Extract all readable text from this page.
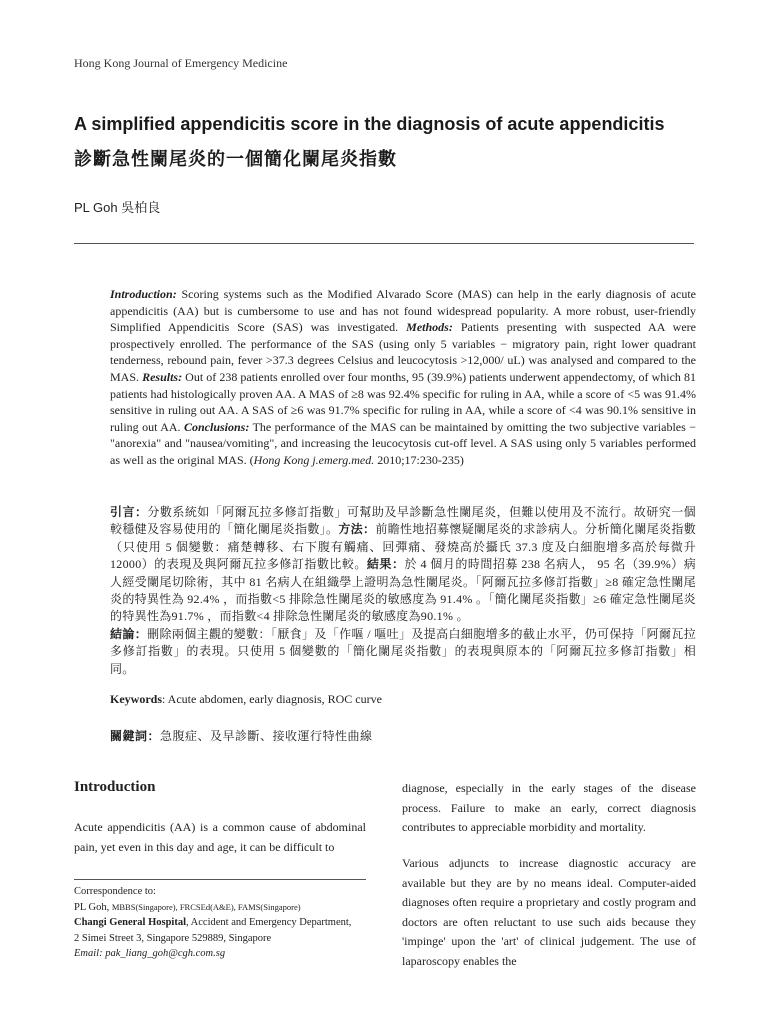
Hong Kong Journal of Emergency Medicine
A simplified appendicitis score in the diagnosis of acute appendicitis
診斷急性闌尾炎的一個簡化闌尾炎指數
PL Goh 吳柏良
Introduction: Scoring systems such as the Modified Alvarado Score (MAS) can help in the early diagnosis of acute appendicitis (AA) but is cumbersome to use and has not found widespread popularity. A more robust, user-friendly Simplified Appendicitis Score (SAS) was investigated. Methods: Patients presenting with suspected AA were prospectively enrolled. The performance of the SAS (using only 5 variables − migratory pain, right lower quadrant tenderness, rebound pain, fever >37.3 degrees Celsius and leucocytosis >12,000/ uL) was analysed and compared to the MAS. Results: Out of 238 patients enrolled over four months, 95 (39.9%) patients underwent appendectomy, of which 81 patients had histologically proven AA. A MAS of ≥8 was 92.4% specific for ruling in AA, while a score of <5 was 91.4% sensitive in ruling out AA. A SAS of ≥6 was 91.7% specific for ruling in AA, while a score of <4 was 90.1% sensitive in ruling out AA. Conclusions: The performance of the MAS can be maintained by omitting the two subjective variables − "anorexia" and "nausea/vomiting", and increasing the leucocytosis cut-off level. A SAS using only 5 variables performed as well as the original MAS. (Hong Kong j.emerg.med. 2010;17:230-235)
引言：分數系統如「阿爾瓦拉多修訂指數」可幫助及早診斷急性闌尾炎，但難以使用及不流行。故研究一個較穩健及容易使用的「簡化闌尾炎指數」。方法：前瞻性地招募懷疑闌尾炎的求診病人。分析簡化闌尾炎指數（只使用 5 個變數：痛楚轉移、右下腹有觸痛、回彈痛、發燒高於攝氏 37.3 度及白細胞增多高於每微升 12000）的表現及與阿爾瓦拉多修訂指數比較。結果：於 4 個月的時間招募 238 名病人， 95 名（39.9%）病人經受闌尾切除術，其中 81 名病人在組織學上證明為急性闌尾炎。「阿爾瓦拉多修訂指數」≥8 確定急性闌尾炎的特異性為 92.4% ，而指數<5 排除急性闌尾炎的敏感度為 91.4% 。「簡化闌尾炎指數」≥6 確定急性闌尾炎的特異性為91.7% ，而指數<4 排除急性闌尾炎的敏感度為90.1% 。
結論：刪除兩個主觀的變數：「厭食」及「作嘔 / 嘔吐」及提高白細胞增多的截止水平，仍可保持「阿爾瓦拉多修訂指數」的表現。只使用 5 個變數的「簡化闌尾炎指數」的表現與原本的「阿爾瓦拉多修訂指數」相同。
Keywords: Acute abdomen, early diagnosis, ROC curve
關鍵詞：急腹症、及早診斷、接收運行特性曲線
Introduction
Acute appendicitis (AA) is a common cause of abdominal pain, yet even in this day and age, it can be difficult to
Correspondence to:
PL Goh, MBBS(Singapore), FRCSEd(A&E), FAMS(Singapore)
Changi General Hospital, Accident and Emergency Department,
2 Simei Street 3, Singapore 529889, Singapore
Email: pak_liang_goh@cgh.com.sg
diagnose, especially in the early stages of the disease process. Failure to make an early, correct diagnosis contributes to appreciable morbidity and mortality.
Various adjuncts to increase diagnostic accuracy are available but they are by no means ideal. Computer-aided diagnoses often require a proprietary and costly program and doctors are often reluctant to use such aids because they 'impinge' upon the 'art' of clinical judgement. The use of laparoscopy enables the
